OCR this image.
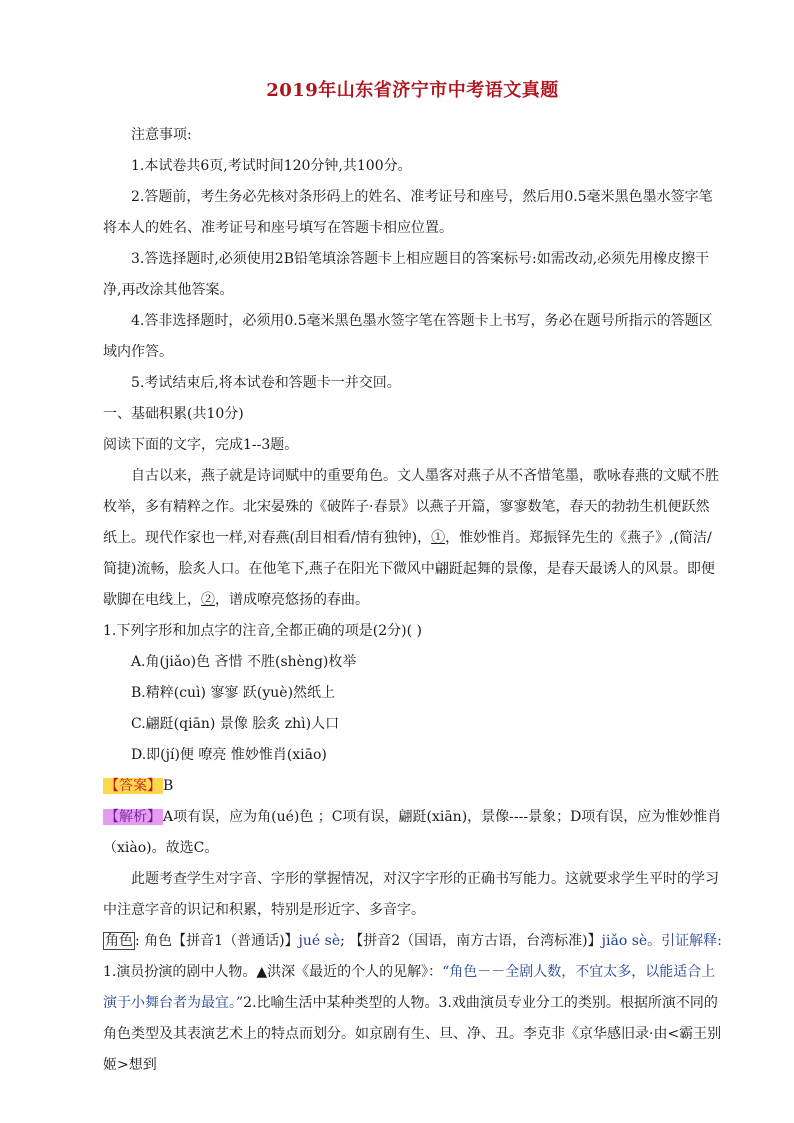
2019年山东省济宁市中考语文真题

注意事项:

1.本试卷共6页,考试时间120分钟,共100分。

2.答题前，考生务必先核对条形码上的姓名、准考证号和座号，然后用0.5毫米黑色墨水签字笔将本人的姓名、准考证号和座号填写在答题卡相应位置。

3.答选择题时,必须使用2B铅笔填涂答题卡上相应题目的答案标号:如需改动,必须先用橡皮擦干净,再改涂其他答案。

4.答非选择题时，必须用0.5毫米黑色墨水签字笔在答题卡上书写，务必在题号所指示的答题区域内作答。

5.考试结束后,将本试卷和答题卡一并交回。

一、基础积累(共10分)

阅读下面的文字，完成1--3题。

自古以来，燕子就是诗词赋中的重要角色。文人墨客对燕子从不吝惜笔墨，歌咏春燕的文赋不胜枚举，多有精粹之作。北宋晏殊的《破阵子·春景》以燕子开篇，寥寥数笔，春天的勃勃生机便跃然纸上。现代作家也一样,对春燕(刮目相看/情有独钟)，①，惟妙惟肖。郑振铎先生的《燕子》,(简洁/简捷)流畅，脍炙人口。在他笔下,燕子在阳光下微风中翩跹起舞的景像，是春天最诱人的风景。即便歇脚在电线上，②，谱成嘹亮悠扬的春曲。

1.下列字形和加点字的注音,全都正确的项是(2分)( )

A.角(jiǎo)色 吝惜 不胜(shèng)枚举

B.精粹(cuì) 寥寥 跃(yuè)然纸上

C.翩跹(qiān) 景像 脍炙 zhì)人口

D.即(jí)便 嘹亮 惟妙惟肖(xiāo)

【答案】 B

【解析】 A项有误，应为角(ué)色 ；C项有误，翩跹(xiān)，景像----景象；D项有误，应为惟妙惟肖（xiào)。故选C。

此题考查学生对字音、字形的掌握情况，对汉字字形的正确书写能力。这就要求学生平时的学习中注意字音的识记和积累，特别是形近字、多音字。

角色 : 角色【拼音1（普通话)】jué sè; 【拼音2（国语，南方古语，台湾标准)】jiǎo sè。引证解释:

1.演员扮演的剧中人物。▲洪深《最近的个人的见解》：“角色－－全剧人数，不宜太多，以能适合上演于小舞台者为最宜。”2.比喻生活中某种类型的人物。3.戏曲演员专业分工的类别。根据所演不同的角色类型及其表演艺术上的特点而划分。如京剧有生、旦、净、丑。李克非《京华感旧录·由<霸王别姬>想到
